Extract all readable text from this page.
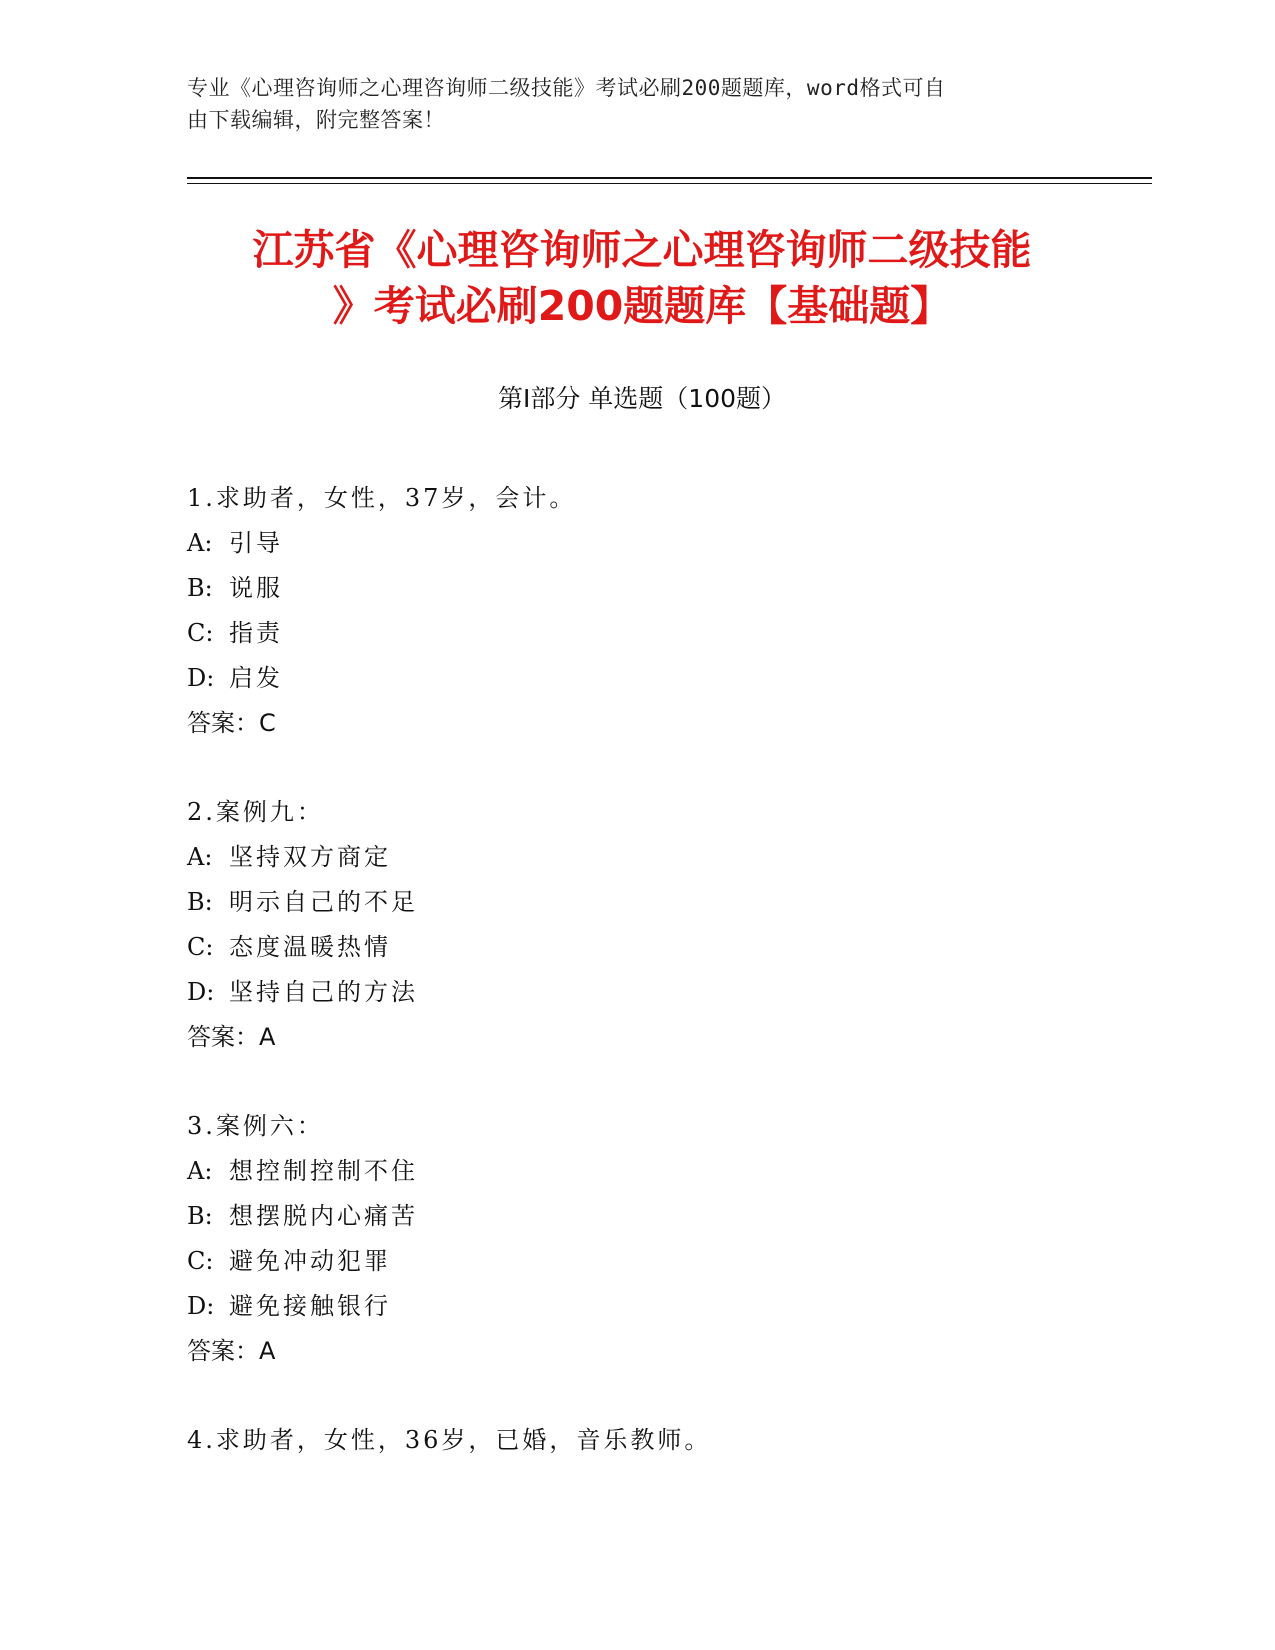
专业《心理咨询师之心理咨询师二级技能》考试必刷200题题库，word格式可自
由下载编辑，附完整答案！
江苏省《心理咨询师之心理咨询师二级技能
》考试必刷200题题库【基础题】
第Ⅰ部分 单选题（100题）
1.求助者，女性，37岁，会计。
A: 引导
B: 说服
C: 指责
D: 启发
答案：C
2.案例九：
A: 坚持双方商定
B: 明示自己的不足
C: 态度温暖热情
D: 坚持自己的方法
答案：A
3.案例六：
A: 想控制控制不住
B: 想摆脱内心痛苦
C: 避免冲动犯罪
D: 避免接触银行
答案：A
4.求助者，女性，36岁，已婚，音乐教师。
